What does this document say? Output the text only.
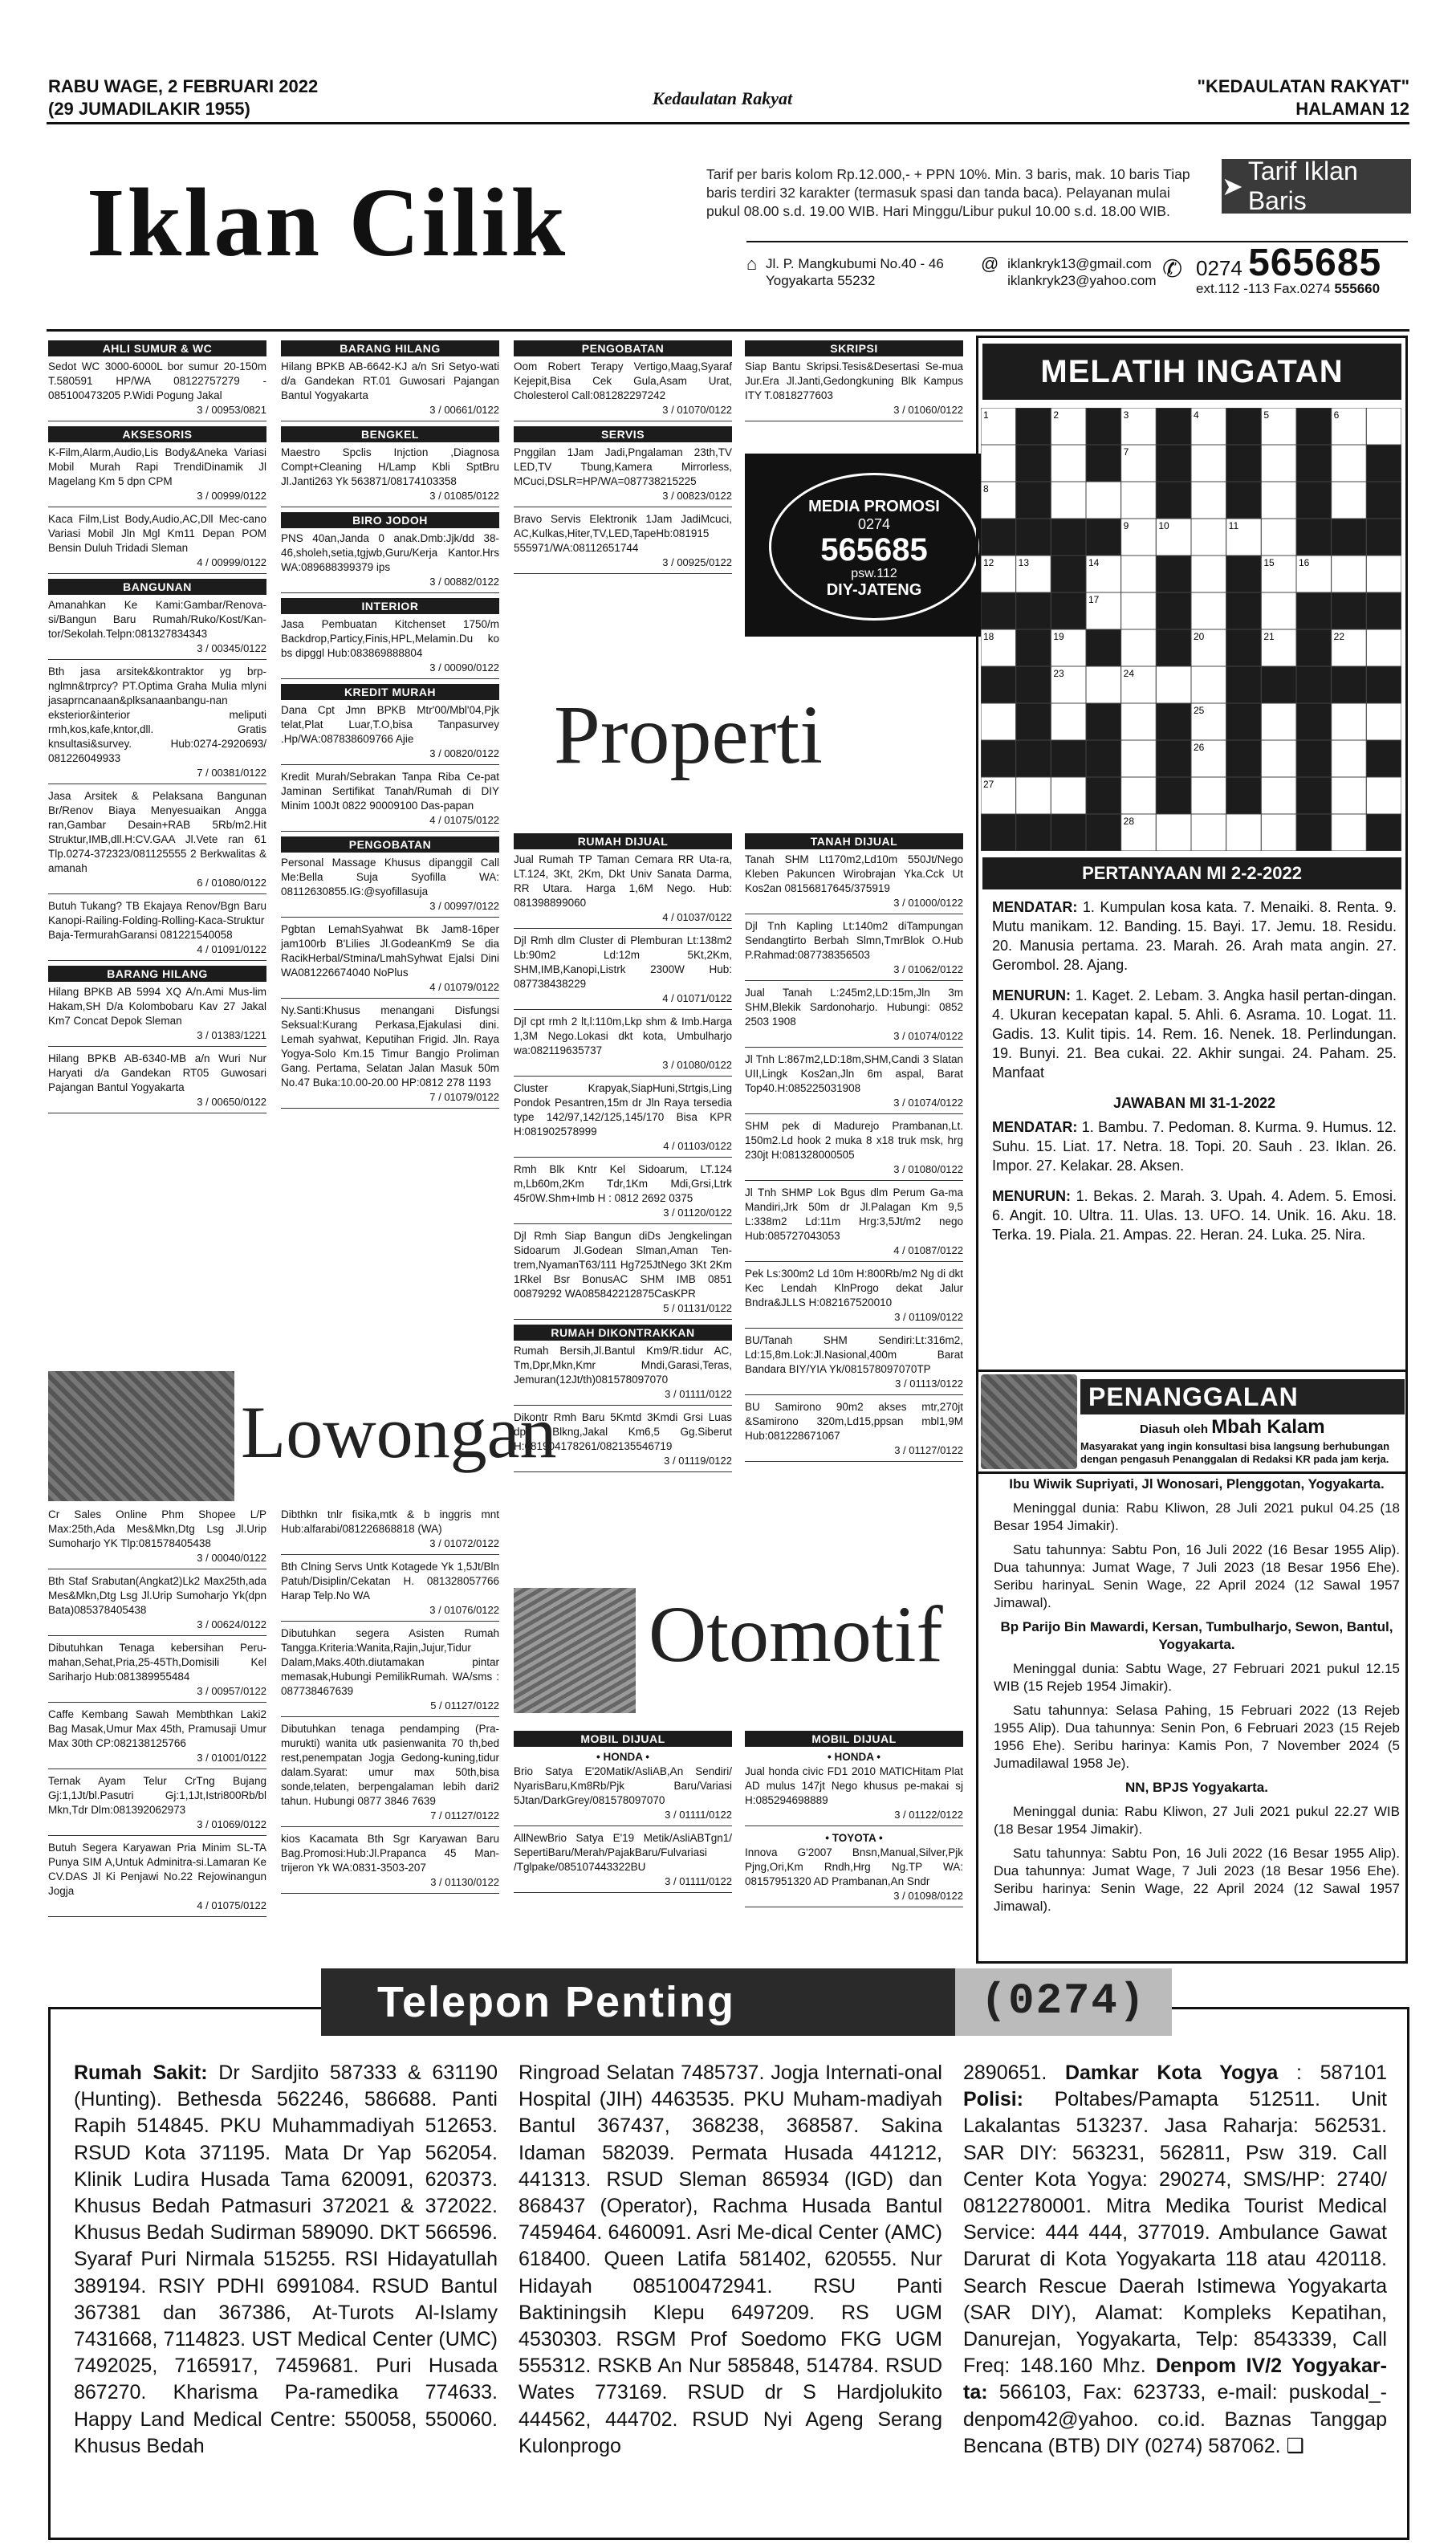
RABU WAGE, 2 FEBRUARI 2022
(29 JUMADILAKIR 1955)
Kedaulatan Rakyat
"KEDAULATAN RAKYAT"
HALAMAN 12
Iklan Cilik	Tarif per baris kolom Rp.12.000,- + PPN 10%. Min. 3 baris, mak. 10 baris Tiap baris terdiri 32 karakter (termasuk spasi dan tanda baca). Pelayanan mulai pukul 08.00 s.d. 19.00 WIB. Hari Minggu/Libur pukul 10.00 s.d. 18.00 WIB.
➤
Tarif Iklan Baris
⌂ Jl. P. Mangkubumi No.40 - 46
Yogyakarta 55232
@ iklankryk13@gmail.com
iklankryk23@yahoo.com ✆ 0274 565685
ext.112 -113 Fax.0274 555660
AHLI SUMUR & WC

Sedot WC 3000-6000L bor sumur 20-150m T.580591 HP/WA 08122757279 - 085100473205 P.Widi Pogung Jakal

3 / 00953/0821
AKSESORIS

K-Film,Alarm,Audio,Lis Body&Aneka Variasi Mobil Murah Rapi TrendiDinamik Jl Magelang Km 5 dpn CPM

3 / 00999/0122

Kaca Film,List Body,Audio,AC,Dll Mec-cano Variasi Mobil Jln Mgl Km11 Depan POM Bensin Duluh Tridadi Sleman

4 / 00999/0122
BANGUNAN

Amanahkan Ke Kami:Gambar/Renova-si/Bangun Baru Rumah/Ruko/Kost/Kan-tor/Sekolah.Telpn:081327834343

3 / 00345/0122

Bth jasa arsitek&kontraktor yg brp-nglmn&trprcy? PT.Optima Graha Mulia mlyni jasaprncanaan&plksanaanbangu-nan eksterior&interior meliputi rmh,kos,kafe,kntor,dll. Gratis knsultasi&survey. Hub:0274-2920693/ 081226049933

7 / 00381/0122

Jasa Arsitek & Pelaksana Bangunan Br/Renov Biaya Menyesuaikan Angga ran,Gambar Desain+RAB 5Rb/m2.Hit Struktur,IMB,dll.H:CV.GAA Jl.Vete ran 61 Tlp.0274-372323/081125555 2 Berkwalitas & amanah

6 / 01080/0122

Butuh Tukang? TB Ekajaya Renov/Bgn Baru Kanopi-Railing-Folding-Rolling-Kaca-Struktur Baja-TermurahGaransi 081221540058

4 / 01091/0122
BARANG HILANG

Hilang BPKB AB 5994 XQ A/n.Ami Mus-lim Hakam,SH D/a Kolombobaru Kav 27 Jakal Km7 Concat Depok Sleman

3 / 01383/1221

Hilang BPKB AB-6340-MB a/n Wuri Nur Haryati d/a Gandekan RT05 Guwosari Pajangan Bantul Yogyakarta

3 / 00650/0122
BARANG HILANG

Hilang BPKB AB-6642-KJ a/n Sri Setyo-wati d/a Gandekan RT.01 Guwosari Pajangan Bantul Yogyakarta

3 / 00661/0122
BENGKEL

Maestro Spclis Injction ,Diagnosa Compt+Cleaning H/Lamp Kbli SptBru Jl.Janti263 Yk 563871/08174103358

3 / 01085/0122
BIRO JODOH

PNS 40an,Janda 0 anak.Dmb:Jjk/dd 38-46,sholeh,setia,tgjwb,Guru/Kerja Kantor.Hrs WA:089688399379 ips

3 / 00882/0122
INTERIOR

Jasa Pembuatan Kitchenset 1750/m Backdrop,Particy,Finis,HPL,Melamin.Du ko bs dipggl Hub:083869888804

3 / 00090/0122
KREDIT MURAH

Dana Cpt Jmn BPKB Mtr'00/Mbl'04,Pjk telat,Plat Luar,T.O,bisa Tanpasurvey .Hp/WA:087838609766 Ajie

3 / 00820/0122

Kredit Murah/Sebrakan Tanpa Riba Ce-pat Jaminan Sertifikat Tanah/Rumah di DIY Minim 100Jt 0822 90009100 Das-papan

4 / 01075/0122
PENGOBATAN

Personal Massage Khusus dipanggil Call Me:Bella Suja Syofilla WA: 08112630855.IG:@syofillasuja

3 / 00997/0122

Pgbtan LemahSyahwat Bk Jam8-16per jam100rb B'Lilies Jl.GodeanKm9 Se dia RacikHerbal/Stmina/LmahSyhwat Ejalsi Dini WA081226674040 NoPlus

4 / 01079/0122

Ny.Santi:Khusus menangani Disfungsi Seksual:Kurang Perkasa,Ejakulasi dini. Lemah syahwat, Keputihan Frigid. Jln. Raya Yogya-Solo Km.15 Timur Bangjo Proliman Gang. Pertama, Selatan Jalan Masuk 50m No.47 Buka:10.00-20.00 HP:0812 278 1193

7 / 01079/0122
PENGOBATAN

Oom Robert Terapy Vertigo,Maag,Syaraf Kejepit,Bisa Cek Gula,Asam Urat, Cholesterol Call:081282297242

3 / 01070/0122
SERVIS

Pnggilan 1Jam Jadi,Pngalaman 23th,TV LED,TV Tbung,Kamera Mirrorless, MCuci,DSLR=HP/WA=087738215225

3 / 00823/0122

Bravo Servis Elektronik 1Jam JadiMcuci, AC,Kulkas,Hiter,TV,LED,TapeHb:081915 555971/WA:08112651744

3 / 00925/0122
SKRIPSI

Siap Bantu Skripsi.Tesis&Desertasi Se-mua Jur.Era Jl.Janti,Gedongkuning Blk Kampus ITY T.0818277603

3 / 01060/0122
MEDIA PROMOSI
0274
565685
psw.112
DIY-JATENG
Properti
RUMAH DIJUAL

Jual Rumah TP Taman Cemara RR Uta-ra, LT.124, 3Kt, 2Km, Dkt Univ Sanata Darma, RR Utara. Harga 1,6M Nego. Hub: 081398899060

4 / 01037/0122

Djl Rmh dlm Cluster di Plemburan Lt:138m2 Lb:90m2 Ld:12m 5Kt,2Km, SHM,IMB,Kanopi,Listrk 2300W Hub: 087738438229

4 / 01071/0122

Djl cpt rmh 2 lt,l:110m,Lkp shm & Imb.Harga 1,3M Nego.Lokasi dkt kota, Umbulharjo wa:082119635737

3 / 01080/0122

Cluster Krapyak,SiapHuni,Strtgis,Ling Pondok Pesantren,15m dr Jln Raya tersedia type 142/97,142/125,145/170 Bisa KPR H:081902578999

4 / 01103/0122

Rmh Blk Kntr Kel Sidoarum, LT.124 m,Lb60m,2Km Tdr,1Km Mdi,Grsi,Ltrk 45r0W.Shm+Imb H : 0812 2692 0375

3 / 01120/0122

Djl Rmh Siap Bangun diDs Jengkelingan Sidoarum Jl.Godean Slman,Aman Ten-trem,NyamanT63/111 Hg725JtNego 3Kt 2Km 1Rkel Bsr BonusAC SHM IMB 0851 00879292 WA085842212875CasKPR

5 / 01131/0122
RUMAH DIKONTRAKKAN

Rumah Bersih,Jl.Bantul Km9/R.tidur AC, Tm,Dpr,Mkn,Kmr Mndi,Garasi,Teras, Jemuran(12Jt/th)081578097070

3 / 01111/0122

Dikontr Rmh Baru 5Kmtd 3Kmdi Grsi Luas dpn Blkng,Jakal Km6,5 Gg.Siberut H:081904178261/082135546719

3 / 01119/0122
TANAH DIJUAL

Tanah SHM Lt170m2,Ld10m 550Jt/Nego Kleben Pakuncen Wirobrajan Yka.Cck Ut Kos2an 08156817645/375919

3 / 01000/0122

Djl Tnh Kapling Lt:140m2 diTampungan Sendangtirto Berbah Slmn,TmrBlok O.Hub P.Rahmad:087738356503

3 / 01062/0122

Jual Tanah L:245m2,LD:15m,Jln 3m SHM,Blekik Sardonoharjo. Hubungi: 0852 2503 1908

3 / 01074/0122

Jl Tnh L:867m2,LD:18m,SHM,Candi 3 Slatan UII,Lingk Kos2an,Jln 6m aspal, Barat Top40.H:085225031908

3 / 01074/0122

SHM pek di Madurejo Prambanan,Lt. 150m2.Ld hook 2 muka 8 x18 truk msk, hrg 230jt H:081328000505

3 / 01080/0122

Jl Tnh SHMP Lok Bgus dlm Perum Ga-ma Mandiri,Jrk 50m dr Jl.Palagan Km 9,5 L:338m2 Ld:11m Hrg:3,5Jt/m2 nego Hub:085727043053

4 / 01087/0122

Pek Ls:300m2 Ld 10m H:800Rb/m2 Ng di dkt Kec Lendah KlnProgo dekat Jalur Bndra&JLLS H:082167520010

3 / 01109/0122

BU/Tanah SHM Sendiri:Lt:316m2, Ld:15,8m.Lok:Jl.Nasional,400m Barat Bandara BIY/YIA Yk/081578097070TP

3 / 01113/0122

BU Samirono 90m2 akses mtr,270jt &Samirono 320m,Ld15,ppsan mbl1,9M Hub:081228671067

3 / 01127/0122
Lowongan

Cr Sales Online Phm Shopee L/P Max:25th,Ada Mes&Mkn,Dtg Lsg Jl.Urip Sumoharjo YK Tlp:081578405438

3 / 00040/0122

Bth Staf Srabutan(Angkat2)Lk2 Max25th,ada Mes&Mkn,Dtg Lsg Jl.Urip Sumoharjo Yk(dpn Bata)085378405438

3 / 00624/0122

Dibutuhkan Tenaga kebersihan Peru-mahan,Sehat,Pria,25-45Th,Domisili Kel Sariharjo Hub:081389955484

3 / 00957/0122

Caffe Kembang Sawah Membthkan Laki2 Bag Masak,Umur Max 45th, Pramusaji Umur Max 30th CP:082138125766

3 / 01001/0122

Ternak Ayam Telur CrTng Bujang Gj:1,1Jt/bl.Pasutri Gj:1,1Jt,Istri800Rb/bl Mkn,Tdr Dlm:081392062973

3 / 01069/0122

Butuh Segera Karyawan Pria Minim SL-TA Punya SIM A,Untuk Adminitra-si.Lamaran Ke CV.DAS Jl Ki Penjawi No.22 Rejowinangun Jogja

4 / 01075/0122

Dibthkn tnlr fisika,mtk & b inggris mnt Hub:alfarabi/081226868818 (WA)

3 / 01072/0122

Bth Clning Servs Untk Kotagede Yk 1,5Jt/Bln Patuh/Disiplin/Cekatan H. 081328057766 Harap Telp.No WA

3 / 01076/0122

Dibutuhkan segera Asisten Rumah Tangga.Kriteria:Wanita,Rajin,Jujur,Tidur Dalam,Maks.40th.diutamakan pintar memasak,Hubungi PemilikRumah. WA/sms : 087738467639

5 / 01127/0122

Dibutuhkan tenaga pendamping (Pra-murukti) wanita utk pasienwanita 70 th,bed rest,penempatan Jogja Gedong-kuning,tidur dalam.Syarat: umur max 50th,bisa sonde,telaten, berpengalaman lebih dari2 tahun. Hubungi 0877 3846 7639

7 / 01127/0122

kios Kacamata Bth Sgr Karyawan Baru Bag.Promosi:Hub:Jl.Prapanca 45 Man-trijeron Yk WA:0831-3503-207

3 / 01130/0122
Otomotif
MOBIL DIJUAL
• HONDA •

Brio Satya E'20Matik/AsliAB,An Sendiri/ NyarisBaru,Km8Rb/Pjk Baru/Variasi 5Jtan/DarkGrey/081578097070

3 / 01111/0122

AllNewBrio Satya E'19 Metik/AsliABTgn1/ SepertiBaru/Merah/PajakBaru/Fulvariasi /Tglpake/085107443322BU

3 / 01111/0122
MOBIL DIJUAL
• HONDA •

Jual honda civic FD1 2010 MATICHitam Plat AD mulus 147jt Nego khusus pe-makai sj H:085294698889

3 / 01122/0122
• TOYOTA •

Innova G'2007 Bnsn,Manual,Silver,Pjk Pjng,Ori,Km Rndh,Hrg Ng.TP WA: 08157951320 AD Prambanan,An Sndr

3 / 01098/0122
MELATIH INGATAN
1	2	3	4	5	6
7
8
9	10	11
12	13	14	15	16
17
18	19	20	21	22
23	24
25
26
27
28
PERTANYAAN MI 2-2-2022

MENDATAR: 1. Kumpulan kosa kata. 7. Menaiki. 8. Renta. 9. Mutu manikam. 12. Banding. 15. Bayi. 17. Jemu. 18. Residu. 20. Manusia pertama. 23. Marah. 26. Arah mata angin. 27. Gerombol. 28. Ajang.

MENURUN: 1. Kaget. 2. Lebam. 3. Angka hasil pertan-dingan. 4. Ukuran kecepatan kapal. 5. Ahli. 6. Asrama. 10. Logat. 11. Gadis. 13. Kulit tipis. 14. Rem. 16. Nenek. 18. Perlindungan. 19. Bunyi. 21. Bea cukai. 22. Akhir sungai. 24. Paham. 25. Manfaat

JAWABAN MI 31-1-2022

MENDATAR: 1. Bambu. 7. Pedoman. 8. Kurma. 9. Humus. 12. Suhu. 15. Liat. 17. Netra. 18. Topi. 20. Sauh . 23. Iklan. 26. Impor. 27. Kelakar. 28. Aksen.

MENURUN: 1. Bekas. 2. Marah. 3. Upah. 4. Adem. 5. Emosi. 6. Angit. 10. Ultra. 11. Ulas. 13. UFO. 14. Unik. 16. Aku. 18. Terka. 19. Piala. 21. Ampas. 22. Heran. 24. Luka. 25. Nira.

PENANGGALAN
Diasuh oleh Mbah Kalam
Masyarakat yang ingin konsultasi bisa langsung berhubungan dengan pengasuh Penanggalan di Redaksi KR pada jam kerja.

Ibu Wiwik Supriyati, Jl Wonosari, Plenggotan, Yogyakarta.

Meninggal dunia: Rabu Kliwon, 28 Juli 2021 pukul 04.25 (18 Besar 1954 Jimakir).

Satu tahunnya: Sabtu Pon, 16 Juli 2022 (16 Besar 1955 Alip). Dua tahunnya: Jumat Wage, 7 Juli 2023 (18 Besar 1956 Ehe). Seribu harinyaL Senin Wage, 22 April 2024 (12 Sawal 1957 Jimawal).

Bp Parijo Bin Mawardi, Kersan, Tumbulharjo, Sewon, Bantul, Yogyakarta.

Meninggal dunia: Sabtu Wage, 27 Februari 2021 pukul 12.15 WIB (15 Rejeb 1954 Jimakir).

Satu tahunnya: Selasa Pahing, 15 Februari 2022 (13 Rejeb 1955 Alip). Dua tahunnya: Senin Pon, 6 Februari 2023 (15 Rejeb 1956 Ehe). Seribu harinya: Kamis Pon, 7 November 2024 (5 Jumadilawal 1958 Je).

NN, BPJS Yogyakarta.

Meninggal dunia: Rabu Kliwon, 27 Juli 2021 pukul 22.27 WIB (18 Besar 1954 Jimakir).

Satu tahunnya: Sabtu Pon, 16 Juli 2022 (16 Besar 1955 Alip). Dua tahunnya: Jumat Wage, 7 Juli 2023 (18 Besar 1956 Ehe). Seribu harinya: Senin Wage, 22 April 2024 (12 Sawal 1957 Jimawal).

Telepon Penting	(0274)
Rumah Sakit: Dr Sardjito 587333 & 631190 (Hunting). Bethesda 562246, 586688. Panti Rapih 514845. PKU Muhammadiyah 512653. RSUD Kota 371195. Mata Dr Yap 562054. Klinik Ludira Husada Tama 620091, 620373. Khusus Bedah Patmasuri 372021 & 372022. Khusus Bedah Sudirman 589090. DKT 566596. Syaraf Puri Nirmala 515255. RSI Hidayatullah 389194. RSIY PDHI 6991084. RSUD Bantul 367381 dan 367386, At-Turots Al-Islamy 7431668, 7114823. UST Medical Center (UMC) 7492025, 7165917, 7459681. Puri Husada 867270. Kharisma Pa-ramedika 774633. Happy Land Medical Centre: 550058, 550060. Khusus Bedah
Ringroad Selatan 7485737. Jogja Internati-onal Hospital (JIH) 4463535. PKU Muham-madiyah Bantul 367437, 368238, 368587. Sakina Idaman 582039. Permata Husada 441212, 441313. RSUD Sleman 865934 (IGD) dan 868437 (Operator), Rachma Husada Bantul 7459464. 6460091. Asri Me-dical Center (AMC) 618400. Queen Latifa 581402, 620555. Nur Hidayah 085100472941. RSU Panti Baktiningsih Klepu 6497209. RS UGM 4530303. RSGM Prof Soedomo FKG UGM 555312. RSKB An Nur 585848, 514784. RSUD Wates 773169. RSUD dr S Hardjolukito 444562, 444702. RSUD Nyi Ageng Serang Kulonprogo
2890651. Damkar Kota Yogya : 587101 Polisi: Poltabes/Pamapta 512511. Unit Lakalantas 513237. Jasa Raharja: 562531. SAR DIY: 563231, 562811, Psw 319. Call Center Kota Yogya: 290274, SMS/HP: 2740/ 08122780001. Mitra Medika Tourist Medical Service: 444 444, 377019. Ambulance Gawat Darurat di Kota Yogyakarta 118 atau 420118. Search Rescue Daerah Istimewa Yogyakarta (SAR DIY), Alamat: Kompleks Kepatihan, Danurejan, Yogyakarta, Telp: 8543339, Call Freq: 148.160 Mhz. Denpom IV/2 Yogyakar-ta: 566103, Fax: 623733, e-mail: puskodal_-denpom42@yahoo. co.id. Baznas Tanggap Bencana (BTB) DIY (0274) 587062. ❑
